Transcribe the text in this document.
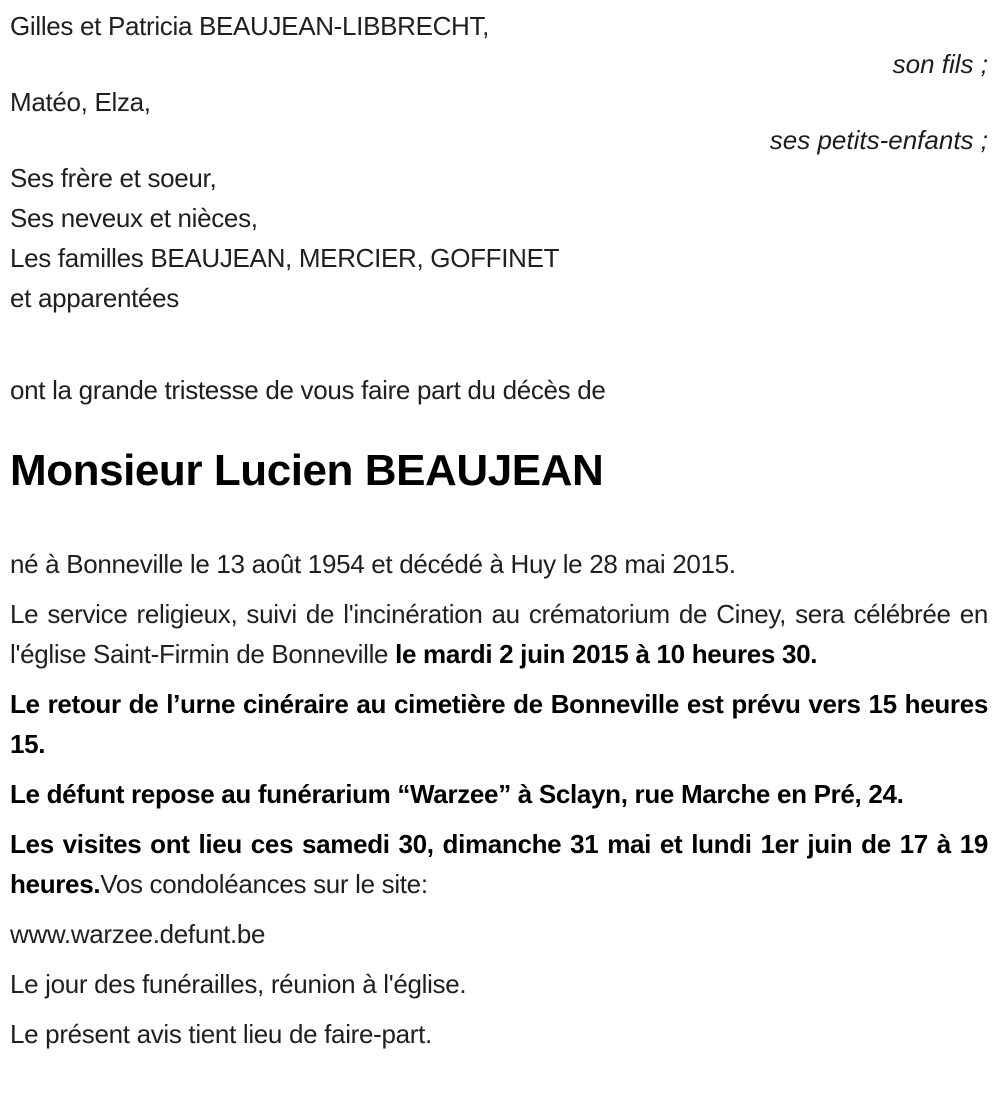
Gilles et Patricia BEAUJEAN-LIBBRECHT,

son fils ;

Matéo, Elza,

ses petits-enfants ;

Ses frère et soeur,

Ses neveux et nièces,

Les familles BEAUJEAN, MERCIER, GOFFINET

et apparentées

ont la grande tristesse de vous faire part du décès de

Monsieur Lucien BEAUJEAN

né à Bonneville le 13 août 1954 et décédé à Huy le 28 mai 2015.

Le service religieux, suivi de l'incinération au crématorium de Ciney, sera célébrée en l'église Saint-Firmin de Bonneville le mardi 2 juin 2015 à 10 heures 30.

Le retour de l’urne cinéraire au cimetière de Bonneville est prévu vers 15 heures 15.

Le défunt repose au funérarium “Warzee” à Sclayn, rue Marche en Pré, 24.

Les visites ont lieu ces samedi 30, dimanche 31 mai et lundi 1er juin de 17 à 19 heures.Vos condoléances sur le site:

www.warzee.defunt.be

Le jour des funérailles, réunion à l'église.

Le présent avis tient lieu de faire-part.
